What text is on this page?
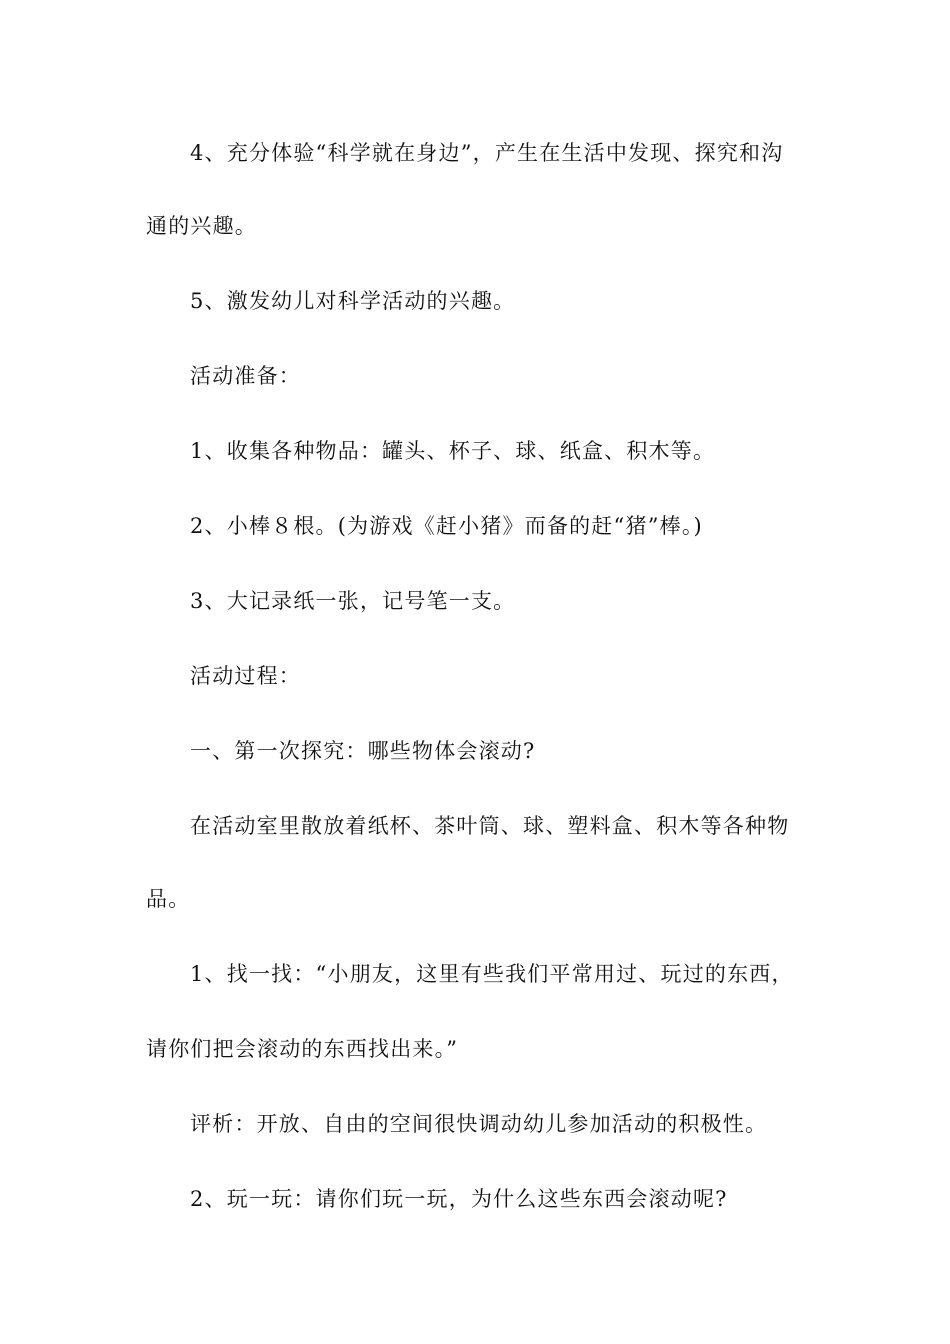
4、充分体验“科学就在身边”，产生在生活中发现、探究和沟
通的兴趣。
5、激发幼儿对科学活动的兴趣。
活动准备：
1、收集各种物品：罐头、杯子、球、纸盒、积木等。
2、小棒８根。(为游戏《赶小猪》而备的赶“猪”棒。)
3、大记录纸一张，记号笔一支。
活动过程：
一、第一次探究：哪些物体会滚动?
在活动室里散放着纸杯、茶叶筒、球、塑料盒、积木等各种物
品。
1、找一找：“小朋友，这里有些我们平常用过、玩过的东西，
请你们把会滚动的东西找出来。”
评析：开放、自由的空间很快调动幼儿参加活动的积极性。
2、玩一玩：请你们玩一玩，为什么这些东西会滚动呢?
